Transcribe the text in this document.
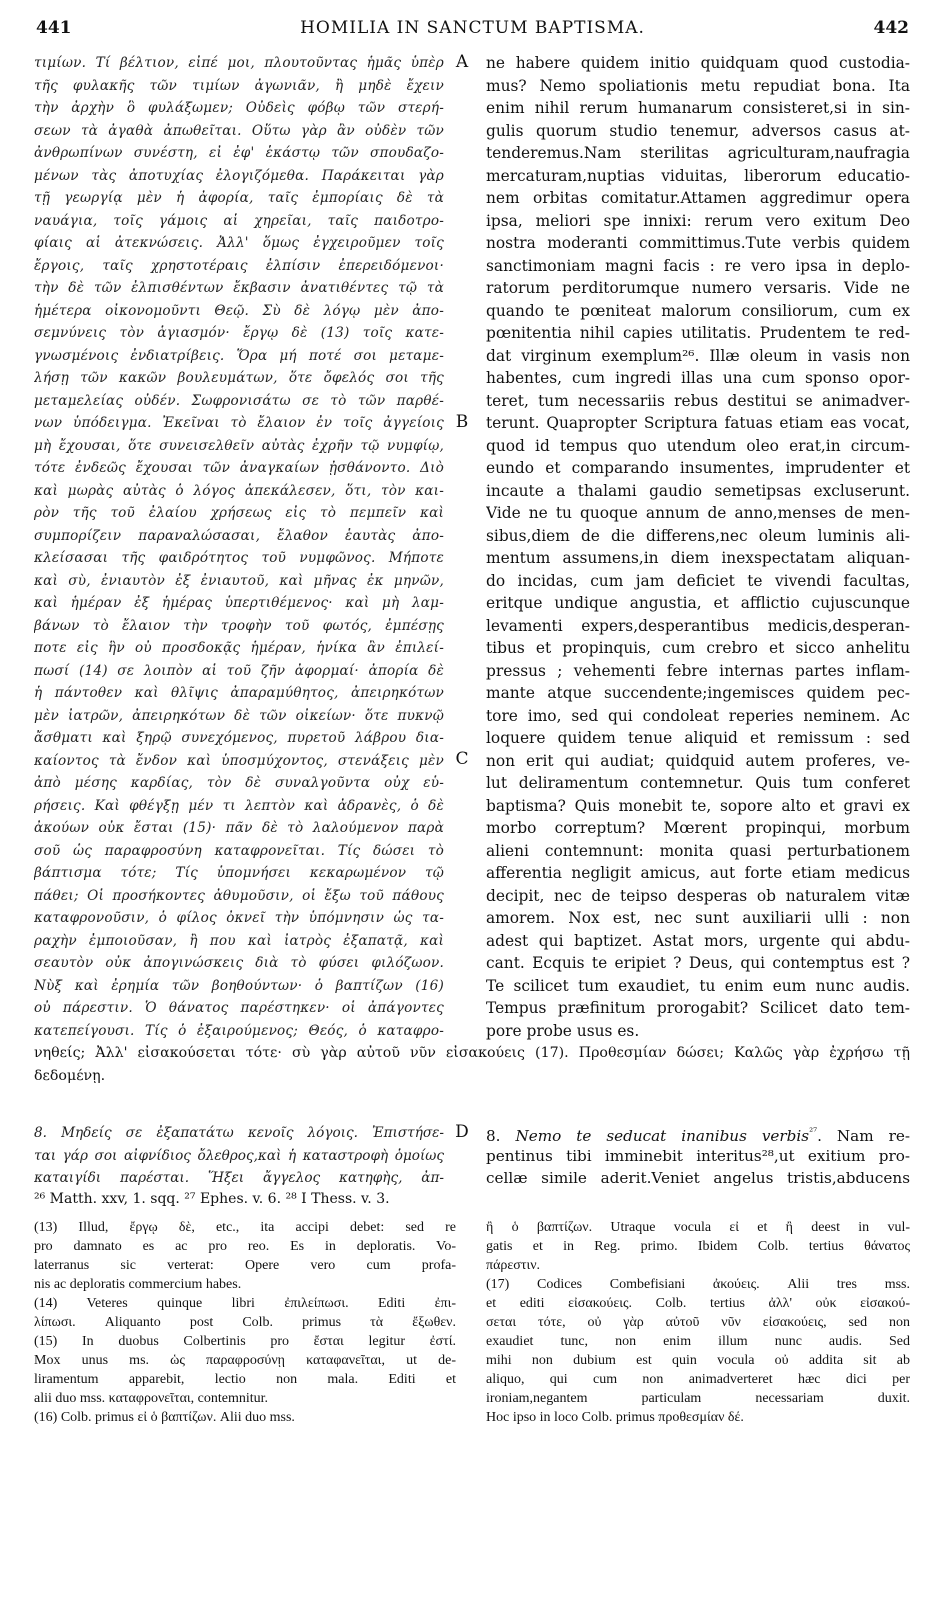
441	HOMILIA IN SANCTUM BAPTISMA.	442
τιμίων. Τί βέλτιον, εἰπέ μοι, πλουτοῦντας ἡμᾶς ὑπὲρ
τῆς φυλακῆς τῶν τιμίων ἀγωνιᾶν, ἢ μηδὲ ἔχειν
τὴν ἀρχὴν ὃ φυλάξωμεν; Οὐδεὶς φόβῳ τῶν στερή-
σεων τὰ ἀγαθὰ ἀπωθεῖται. Οὕτω γὰρ ἂν οὐδὲν τῶν
ἀνθρωπίνων συνέστη, εἰ ἐφ' ἑκάστῳ τῶν σπουδαζο-
μένων τὰς ἀποτυχίας ἐλογιζόμεθα. Παράκειται γὰρ
τῇ γεωργίᾳ μὲν ἡ ἀφορία, ταῖς ἐμπορίαις δὲ τὰ
ναυάγια, τοῖς γάμοις αἱ χηρεῖαι, ταῖς παιδοτρο-
φίαις αἱ ἀτεκνώσεις. Ἀλλ' ὅμως ἐγχειροῦμεν τοῖς
ἔργοις, ταῖς χρηστοτέραις ἐλπίσιν ἐπερειδόμενοι·
τὴν δὲ τῶν ἐλπισθέντων ἔκβασιν ἀνατιθέντες τῷ τὰ
ἡμέτερα οἰκονομοῦντι Θεῷ. Σὺ δὲ λόγῳ μὲν ἀπο-
σεμνύνεις τὸν ἁγιασμόν· ἔργῳ δὲ (13) τοῖς κατε-
γνωσμένοις ἐνδιατρίβεις. Ὅρα μή ποτέ σοι μεταμε-
λήσῃ τῶν κακῶν βουλευμάτων, ὅτε ὄφελός σοι τῆς
μεταμελείας οὐδέν. Σωφρονισάτω σε τὸ τῶν παρθέ-
νων ὑπόδειγμα. Ἐκεῖναι τὸ ἔλαιον ἐν τοῖς ἀγγείοις
μὴ ἔχουσαι, ὅτε συνεισελθεῖν αὐτὰς ἐχρῆν τῷ νυμφίῳ,
τότε ἐνδεῶς ἔχουσαι τῶν ἀναγκαίων ᾐσθάνοντο. Διὸ
καὶ μωρὰς αὐτὰς ὁ λόγος ἀπεκάλεσεν, ὅτι, τὸν και-
ρὸν τῆς τοῦ ἐλαίου χρήσεως εἰς τὸ πεμπεῖν καὶ
συμπορίζειν παραναλώσασαι, ἔλαθον ἑαυτὰς ἀπο-
κλείσασαι τῆς φαιδρότητος τοῦ νυμφῶνος. Μήποτε
καὶ σὺ, ἐνιαυτὸν ἐξ ἐνιαυτοῦ, καὶ μῆνας ἐκ μηνῶν,
καὶ ἡμέραν ἐξ ἡμέρας ὑπερτιθέμενος· καὶ μὴ λαμ-
βάνων τὸ ἔλαιον τὴν τροφὴν τοῦ φωτός, ἐμπέσῃς
ποτε εἰς ἣν οὐ προσδοκᾷς ἡμέραν, ἡνίκα ἂν ἐπιλεί-
πωσί (14) σε λοιπὸν αἱ τοῦ ζῆν ἀφορμαί· ἀπορία δὲ
ἡ πάντοθεν καὶ θλῖψις ἀπαραμύθητος, ἀπειρηκότων
μὲν ἰατρῶν, ἀπειρηκότων δὲ τῶν οἰκείων· ὅτε πυκνῷ
ἄσθματι καὶ ξηρῷ συνεχόμενος, πυρετοῦ λάβρου δια-
καίοντος τὰ ἔνδον καὶ ὑποσμύχοντος, στενάξεις μὲν
ἀπὸ μέσης καρδίας, τὸν δὲ συναλγοῦντα οὐχ εὑ-
ρήσεις. Καὶ φθέγξῃ μέν τι λεπτὸν καὶ ἀδρανὲς, ὁ δὲ
ἀκούων οὐκ ἔσται (15)· πᾶν δὲ τὸ λαλούμενον παρὰ
σοῦ ὡς παραφροσύνη καταφρονεῖται. Τίς δώσει τὸ
βάπτισμα τότε; Τίς ὑπομνήσει κεκαρωμένον τῷ
πάθει; Οἱ προσήκοντες ἀθυμοῦσιν, οἱ ἔξω τοῦ πάθους
καταφρονοῦσιν, ὁ φίλος ὀκνεῖ τὴν ὑπόμνησιν ὡς τα-
ραχὴν ἐμποιοῦσαν, ἢ που καὶ ἰατρὸς ἐξαπατᾷ, καὶ
σεαυτὸν οὐκ ἀπογινώσκεις διὰ τὸ φύσει φιλόζωον.
Νὺξ καὶ ἐρημία τῶν βοηθούντων· ὁ βαπτίζων (16)
οὐ πάρεστιν. Ὁ θάνατος παρέστηκεν· οἱ ἀπάγοντες
κατεπείγουσι. Τίς ὁ ἐξαιρούμενος; Θεός, ὁ καταφρο-
A
B
C
ne habere quidem initio quidquam quod custodia-
mus? Nemo spoliationis metu repudiat bona. Ita
enim nihil rerum humanarum consisteret,si in sin-
gulis quorum studio tenemur, adversos casus at-
tenderemus.Nam sterilitas agriculturam,naufragia
mercaturam,nuptias viduitas, liberorum educatio-
nem orbitas comitatur.Attamen aggredimur opera
ipsa, meliori spe innixi: rerum vero exitum Deo
nostra moderanti committimus.Tute verbis quidem
sanctimoniam magni facis : re vero ipsa in deplo-
ratorum perditorumque numero versaris. Vide ne
quando te pœniteat malorum consiliorum, cum ex
pœnitentia nihil capies utilitatis. Prudentem te red-
dat virginum exemplum²⁶. Illæ oleum in vasis non
habentes, cum ingredi illas una cum sponso opor-
teret, tum necessariis rebus destitui se animadver-
terunt. Quapropter Scriptura fatuas etiam eas vocat,
quod id tempus quo utendum oleo erat,in circum-
eundo et comparando insumentes, imprudenter et
incaute a thalami gaudio semetipsas excluserunt.
Vide ne tu quoque annum de anno,menses de men-
sibus,diem de die differens,nec oleum luminis ali-
mentum assumens,in diem inexspectatam aliquan-
do incidas, cum jam deficiet te vivendi facultas,
eritque undique angustia, et afflictio cujuscunque
levamenti expers,desperantibus medicis,desperan-
tibus et propinquis, cum crebro et sicco anhelitu
pressus ; vehementi febre internas partes inflam-
mante atque succendente;ingemisces quidem pec-
tore imo, sed qui condoleat reperies neminem. Ac
loquere quidem tenue aliquid et remissum : sed
non erit qui audiat; quidquid autem proferes, ve-
lut deliramentum contemnetur. Quis tum conferet
baptisma? Quis monebit te, sopore alto et gravi ex
morbo correptum? Mœrent propinqui, morbum
alieni contemnunt: monita quasi perturbationem
afferentia negligit amicus, aut forte etiam medicus
decipit, nec de teipso desperas ob naturalem vitæ
amorem. Nox est, nec sunt auxiliarii ulli : non
adest qui baptizet. Astat mors, urgente qui abdu-
cant. Ecquis te eripiet ? Deus, qui contemptus est ?
Te scilicet tum exaudiet, tu enim eum nunc audis.
Tempus præfinitum prorogabit? Scilicet dato tem-
pore probe usus es.
νηθείς; Ἀλλ' εἰσακούσεται τότε· σὺ γὰρ αὐτοῦ νῦν εἰσακούεις (17). Προθεσμίαν δώσει; Καλῶς γὰρ ἐχρήσω τῇ
δεδομένῃ.
8. Μηδείς σε ἐξαπατάτω κενοῖς λόγοις. Ἐπιστήσε-
ται γάρ σοι αἰφνίδιος ὄλεθρος,καὶ ἡ καταστροφὴ ὁμοίως
καταιγίδι παρέσται. Ἥξει ἄγγελος κατηφὴς, ἀπ-
D	8. Nemo te seducat inanibus verbis$^{^{27}}$. Nam re-
pentinus tibi imminebit interitus²⁸,ut exitium pro-
cellæ simile aderit.Veniet angelus tristis,abducens
²⁶ Matth. xxv, 1. sqq. ²⁷ Ephes. v. 6. ²⁸ I Thess. v. 3.
(13) Illud, ἔργῳ δὲ, etc., ita accipi debet: sed re
pro damnato es ac pro reo. Es in deploratis. Vo-
laterranus sic verterat: Opere vero cum profa-
nis ac deploratis commercium habes.
(14) Veteres quinque libri ἐπιλείπωσι. Editi ἐπι-
λίπωσι. Aliquanto post Colb. primus τὰ ἔξωθεν.
(15) In duobus Colbertinis pro ἔσται legitur ἐστί.
Mox unus ms. ὡς παραφροσύνῃ καταφανεῖται, ut de-
liramentum apparebit, lectio non mala. Editi et
alii duo mss. καταφρονεῖται, contemnitur.
(16) Colb. primus εἰ ὁ βαπτίζων. Alii duo mss.
ἢ ὁ βαπτίζων. Utraque vocula εἰ et ἢ deest in vul-
gatis et in Reg. primo. Ibidem Colb. tertius θάνατος
πάρεστιν.
(17) Codices Combefisiani ἀκούεις. Alii tres mss.
et editi εἰσακούεις. Colb. tertius ἀλλ' οὐκ εἰσακού-
σεται τότε, οὐ γὰρ αὐτοῦ νῦν εἰσακούεις, sed non
exaudiet tunc, non enim illum nunc audis. Sed
mihi non dubium est quin vocula οὐ addita sit ab
aliquo, qui cum non animadverteret hæc dici per
ironiam,negantem particulam necessariam duxit.
Hoc ipso in loco Colb. primus προθεσμίαν δέ.
